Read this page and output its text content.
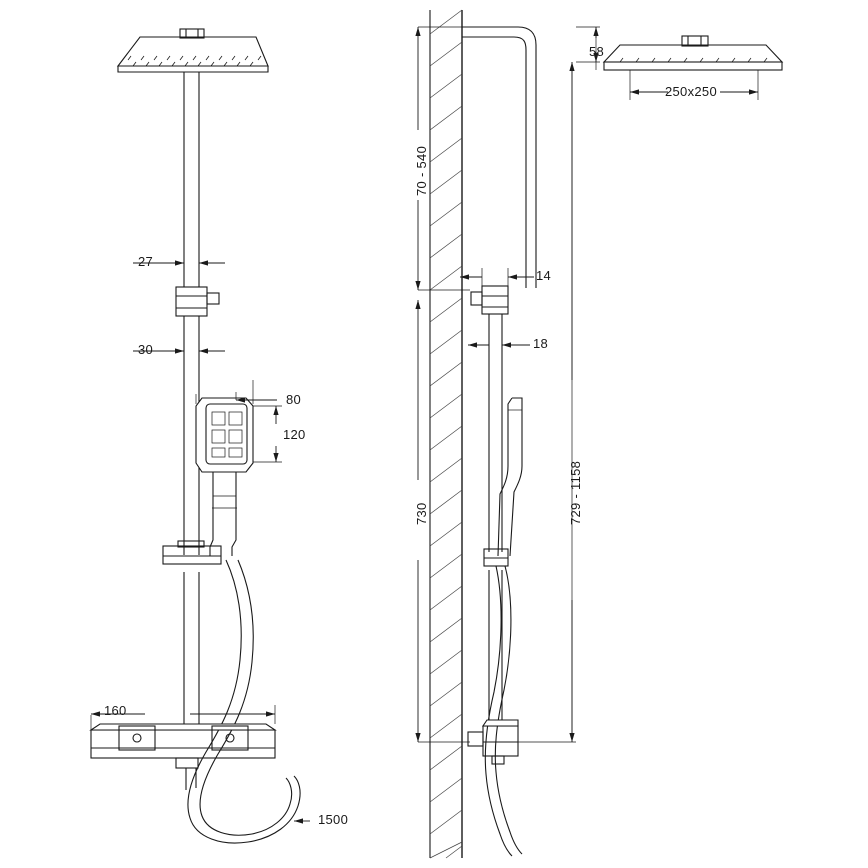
27
30
80
120
160
1500
58
250x250
70 - 540
14
18
730	729 - 1158
